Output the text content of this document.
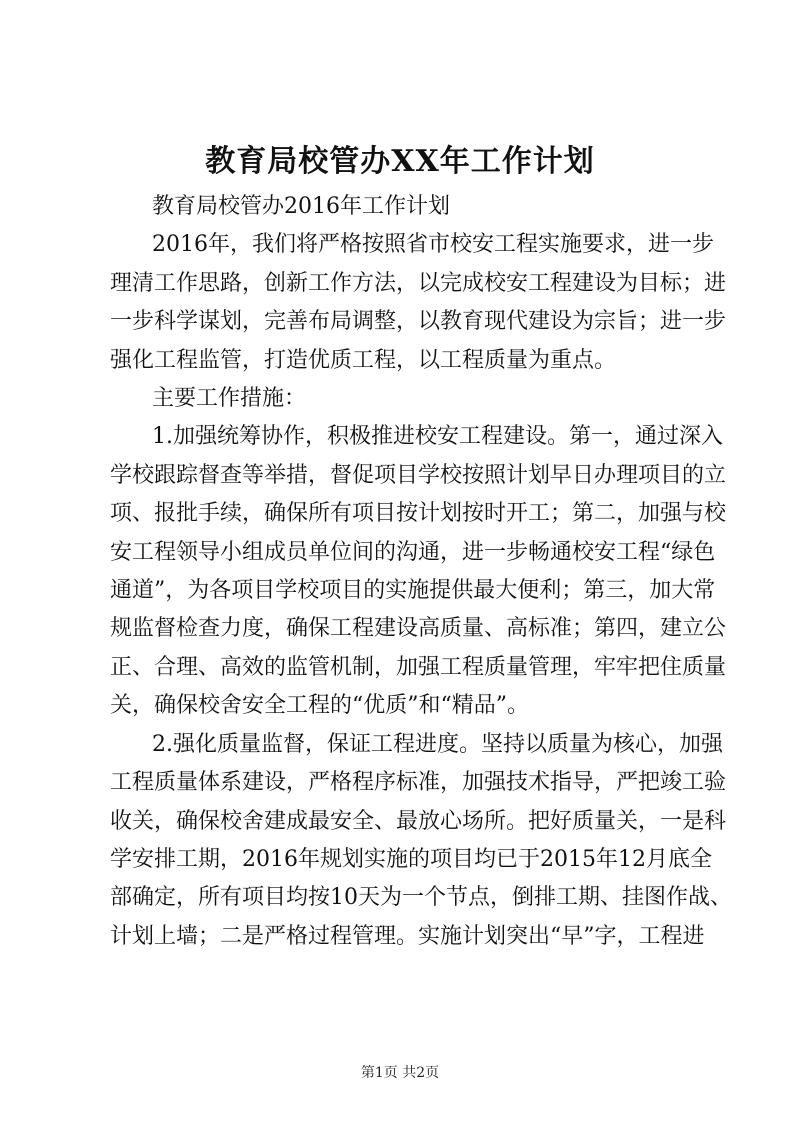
教育局校管办XX年工作计划
教育局校管办2016年工作计划
2016年，我们将严格按照省市校安工程实施要求，进一步
理清工作思路，创新工作方法，以完成校安工程建设为目标；进
一步科学谋划，完善布局调整，以教育现代建设为宗旨；进一步
强化工程监管，打造优质工程，以工程质量为重点。
主要工作措施：
1.加强统筹协作，积极推进校安工程建设。第一，通过深入
学校跟踪督查等举措，督促项目学校按照计划早日办理项目的立
项、报批手续，确保所有项目按计划按时开工；第二，加强与校
安工程领导小组成员单位间的沟通，进一步畅通校安工程“绿色
通道”，为各项目学校项目的实施提供最大便利；第三，加大常
规监督检查力度，确保工程建设高质量、高标准；第四，建立公
正、合理、高效的监管机制，加强工程质量管理，牢牢把住质量
关，确保校舍安全工程的“优质”和“精品”。
2.强化质量监督，保证工程进度。坚持以质量为核心，加强
工程质量体系建设，严格程序标准，加强技术指导，严把竣工验
收关，确保校舍建成最安全、最放心场所。把好质量关，一是科
学安排工期，2016年规划实施的项目均已于2015年12月底全
部确定，所有项目均按10天为一个节点，倒排工期、挂图作战、
计划上墙；二是严格过程管理。实施计划突出“早”字，工程进
第1页 共2页
